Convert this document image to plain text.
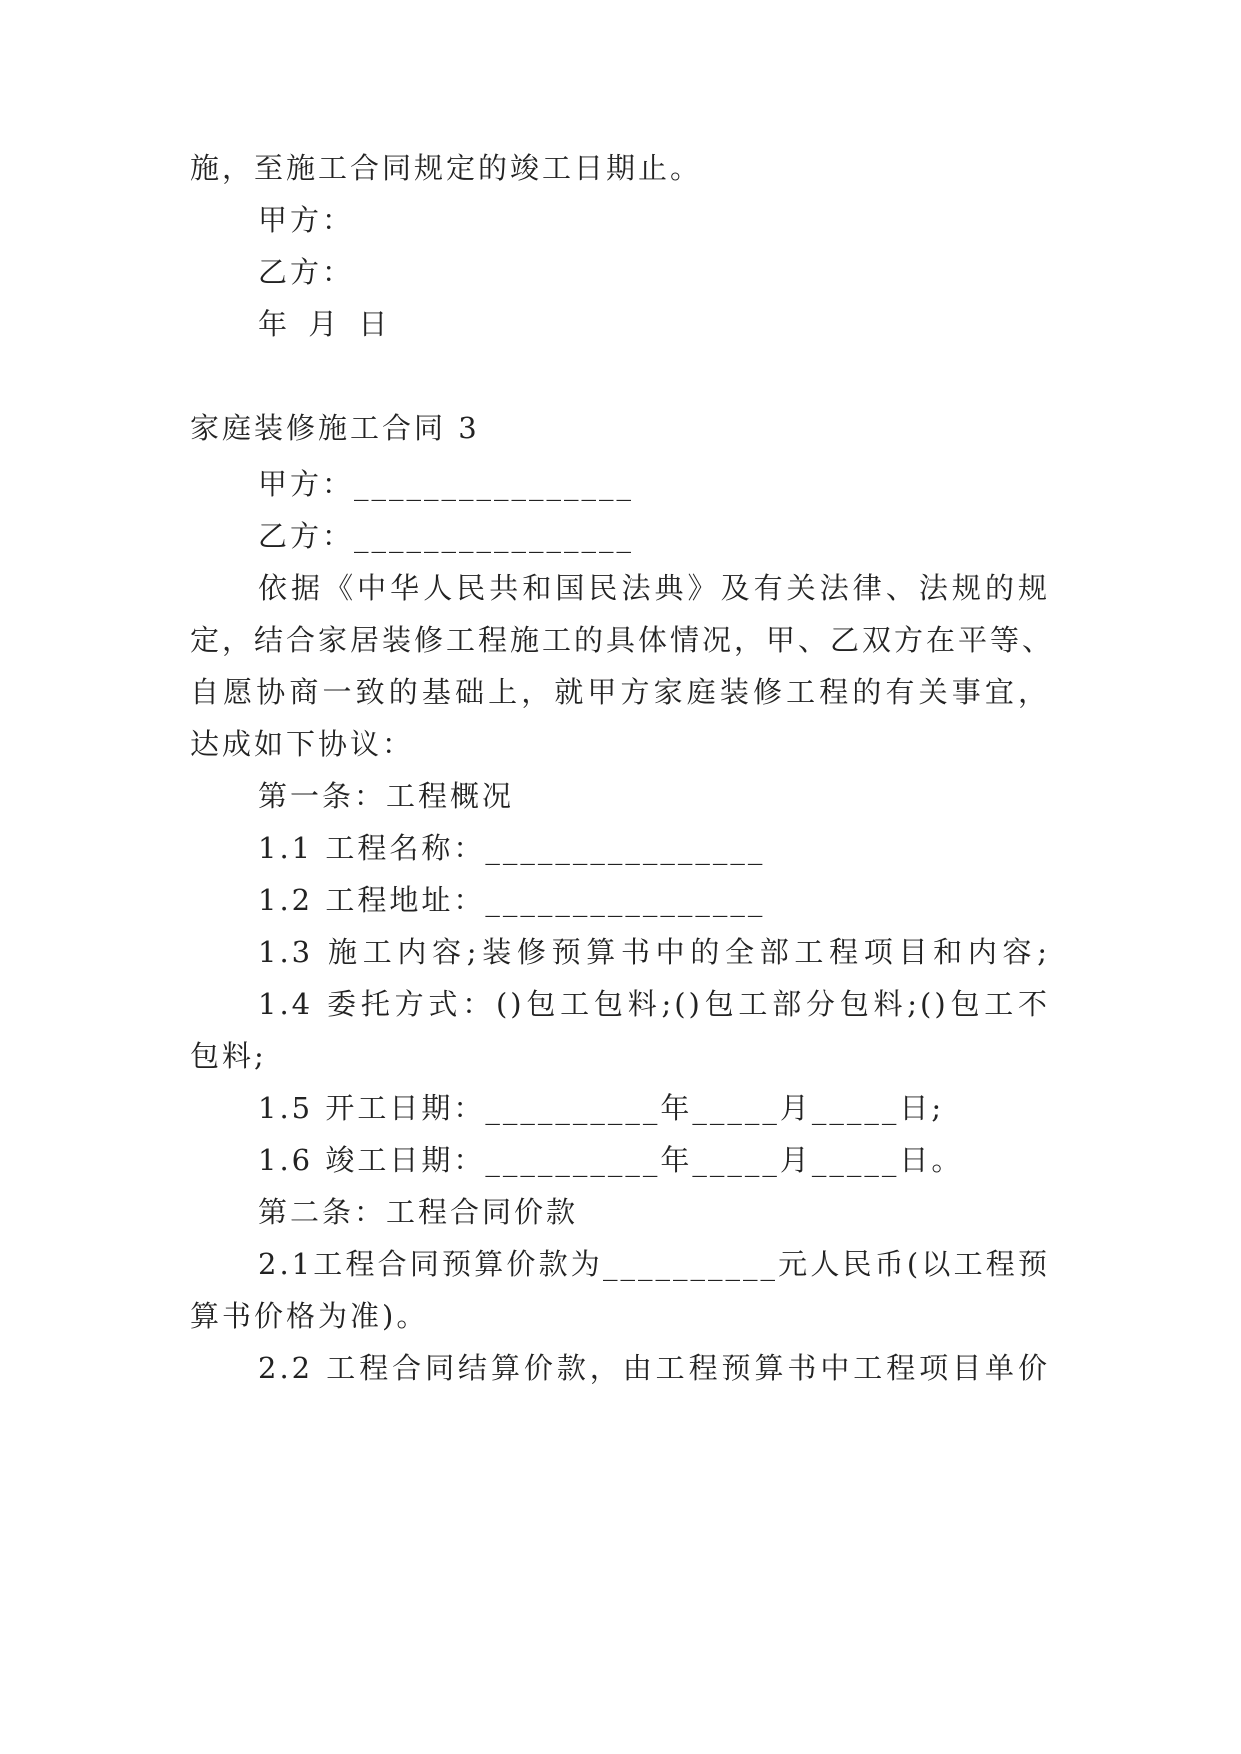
施，至施工合同规定的竣工日期止。
甲方：
乙方：
年 月 日
家庭装修施工合同 3
甲方：________________
乙方：________________
依据《中华人民共和国民法典》及有关法律、法规的规
定，结合家居装修工程施工的具体情况，甲、乙双方在平等、
自愿协商一致的基础上，就甲方家庭装修工程的有关事宜，
达成如下协议：
第一条：工程概况
1.1 工程名称：________________
1.2 工程地址：________________
1.3 施工内容;装修预算书中的全部工程项目和内容;
1.4 委托方式：()包工包料;()包工部分包料;()包工不
包料;
1.5 开工日期：__________年_____月_____日;
1.6 竣工日期：__________年_____月_____日。
第二条：工程合同价款
2.1工程合同预算价款为__________元人民币(以工程预
算书价格为准)。
2.2 工程合同结算价款，由工程预算书中工程项目单价
